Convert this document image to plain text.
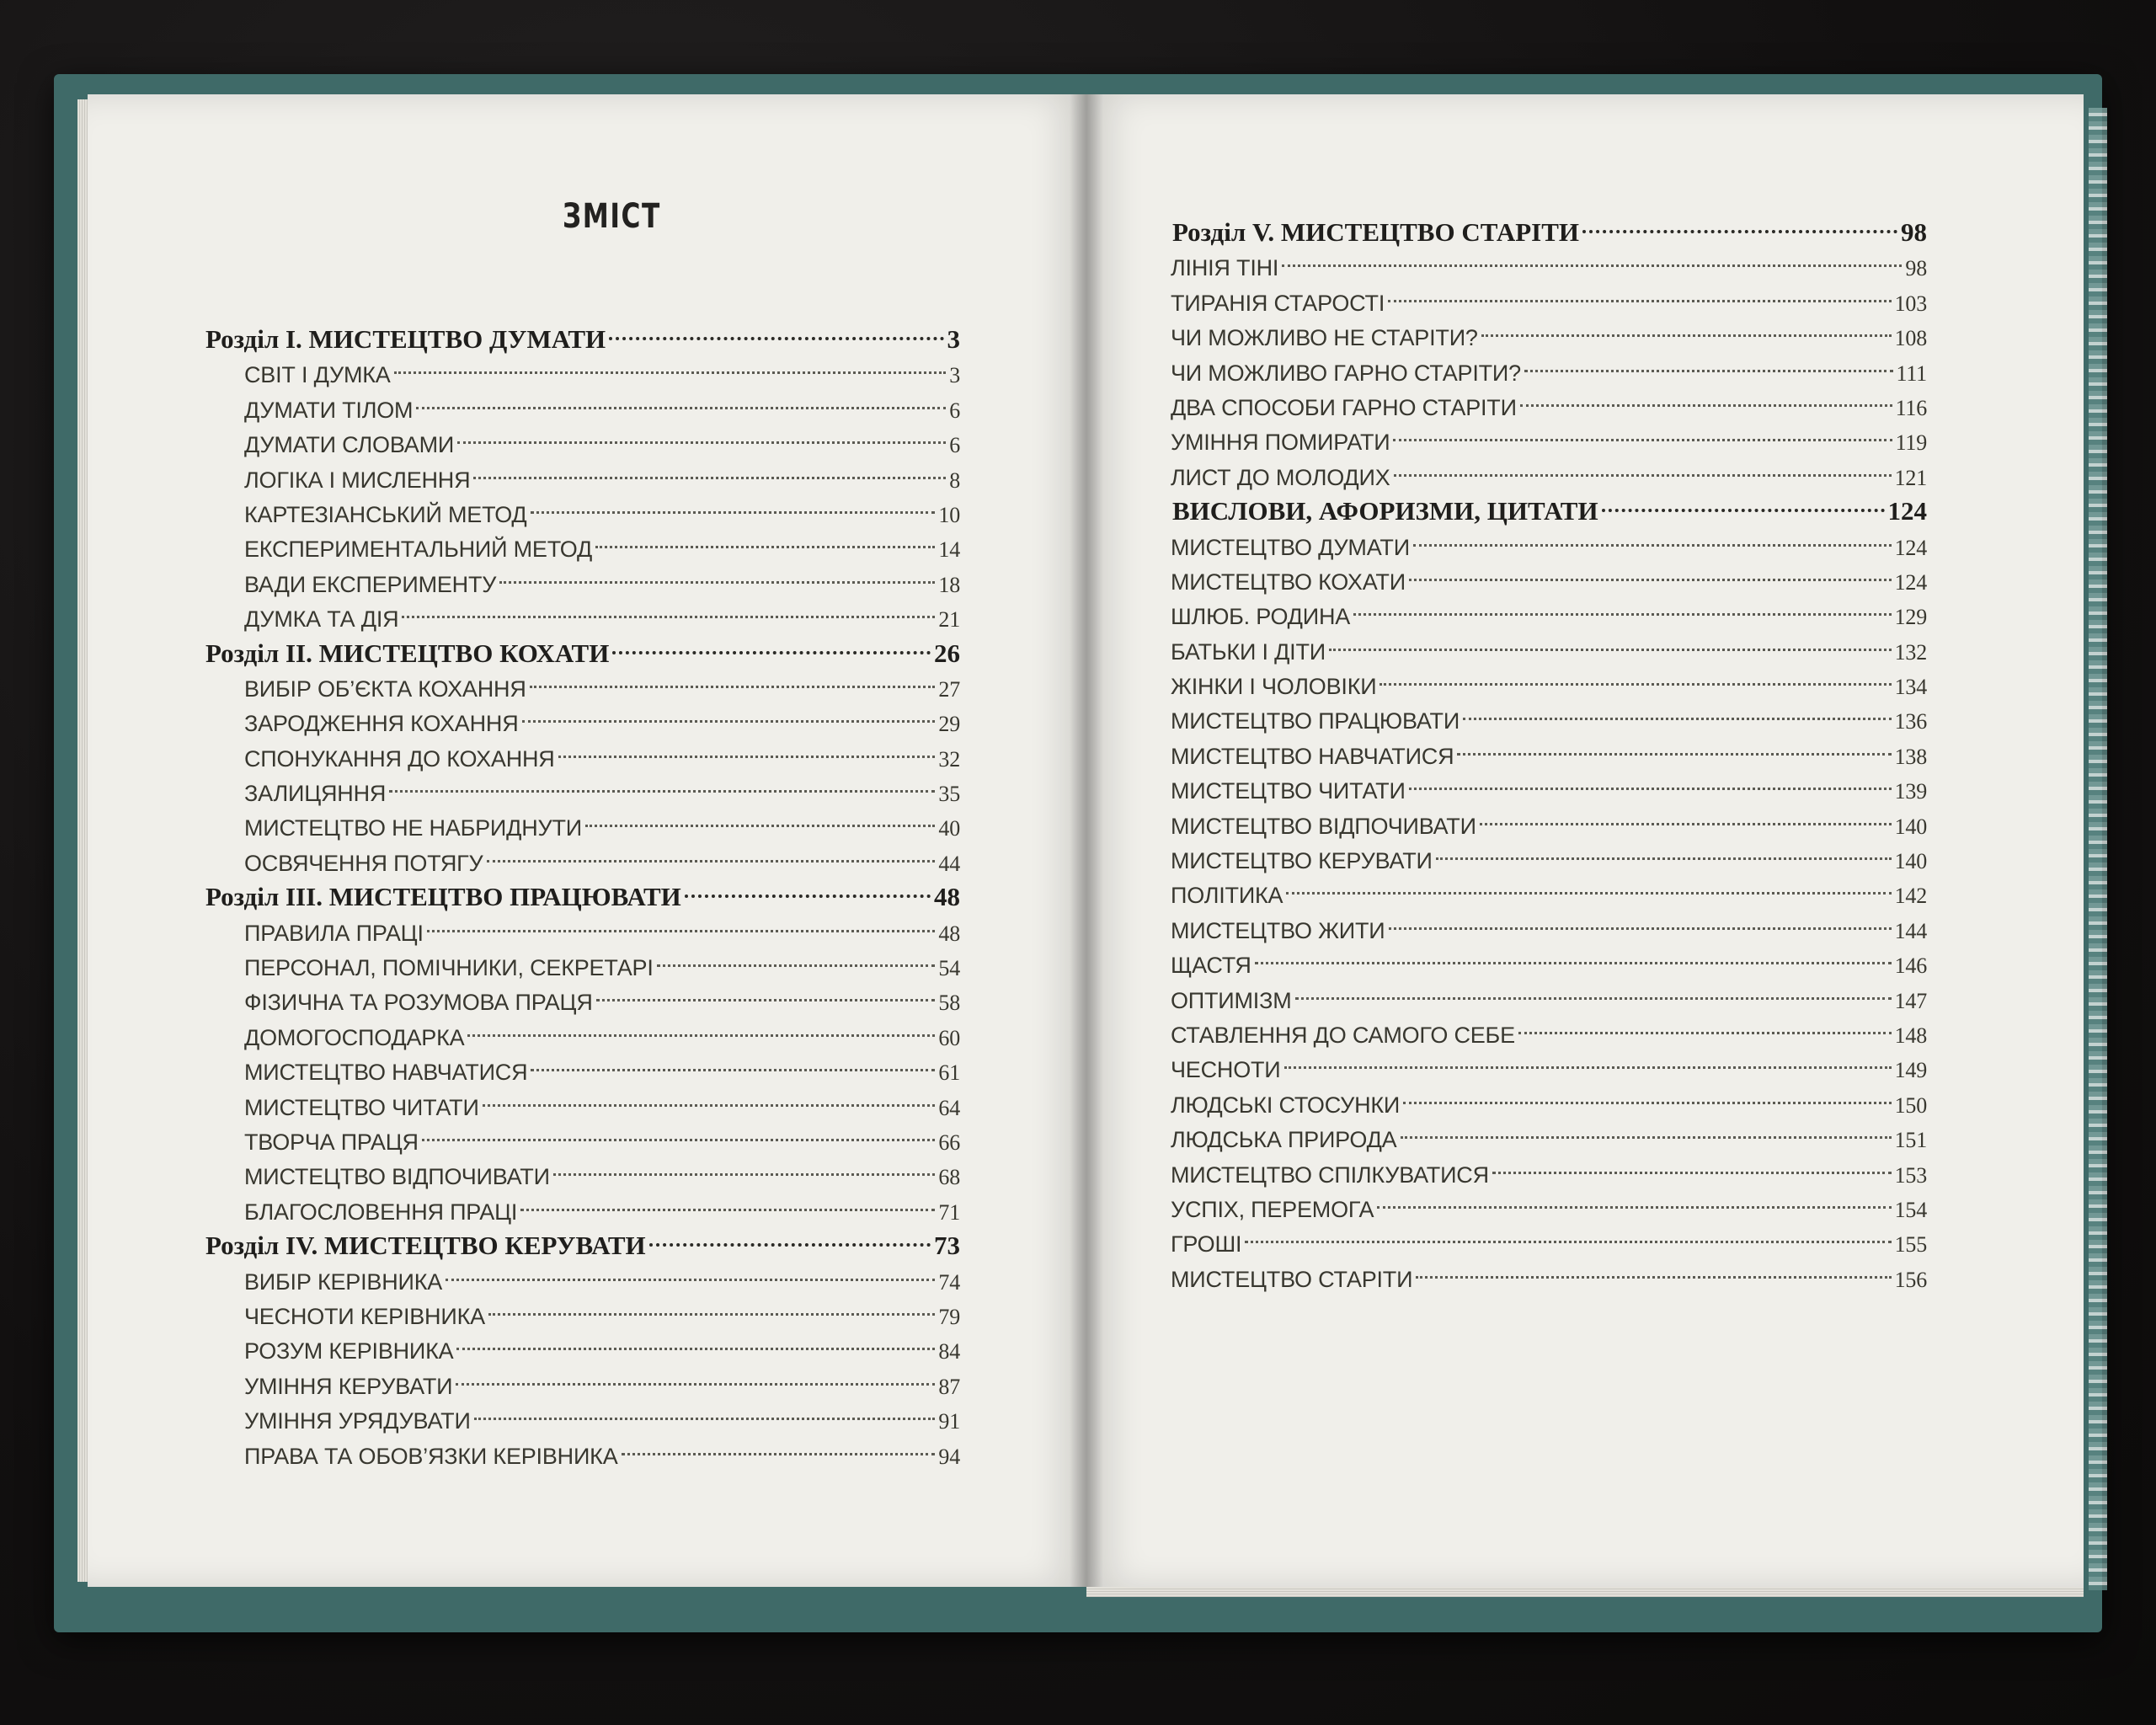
ЗМІСТ
Розділ І. МИСТЕЦТВО ДУМАТИ	3
СВІТ І ДУМКА	3
ДУМАТИ ТІЛОМ	6
ДУМАТИ СЛОВАМИ	6
ЛОГІКА І МИСЛЕННЯ	8
КАРТЕЗІАНСЬКИЙ МЕТОД	10
ЕКСПЕРИМЕНТАЛЬНИЙ МЕТОД	14
ВАДИ ЕКСПЕРИМЕНТУ	18
ДУМКА ТА ДІЯ	21
Розділ ІІ. МИСТЕЦТВО КОХАТИ	26
ВИБІР ОБ’ЄКТА КОХАННЯ	27
ЗАРОДЖЕННЯ КОХАННЯ	29
СПОНУКАННЯ ДО КОХАННЯ	32
ЗАЛИЦЯННЯ	35
МИСТЕЦТВО НЕ НАБРИДНУТИ	40
ОСВЯЧЕННЯ ПОТЯГУ	44
Розділ ІІІ. МИСТЕЦТВО ПРАЦЮВАТИ	48
ПРАВИЛА ПРАЦІ	48
ПЕРСОНАЛ, ПОМІЧНИКИ, СЕКРЕТАРІ	54
ФІЗИЧНА ТА РОЗУМОВА ПРАЦЯ	58
ДОМОГОСПОДАРКА	60
МИСТЕЦТВО НАВЧАТИСЯ	61
МИСТЕЦТВО ЧИТАТИ	64
ТВОРЧА ПРАЦЯ	66
МИСТЕЦТВО ВІДПОЧИВАТИ	68
БЛАГОСЛОВЕННЯ ПРАЦІ	71
Розділ IV. МИСТЕЦТВО КЕРУВАТИ	73
ВИБІР КЕРІВНИКА	74
ЧЕСНОТИ КЕРІВНИКА	79
РОЗУМ КЕРІВНИКА	84
УМІННЯ КЕРУВАТИ	87
УМІННЯ УРЯДУВАТИ	91
ПРАВА ТА ОБОВ’ЯЗКИ КЕРІВНИКА	94
Розділ V. МИСТЕЦТВО СТАРІТИ	98
ЛІНІЯ ТІНІ	98
ТИРАНІЯ СТАРОСТІ	103
ЧИ МОЖЛИВО НЕ СТАРІТИ?	108
ЧИ МОЖЛИВО ГАРНО СТАРІТИ?	111
ДВА СПОСОБИ ГАРНО СТАРІТИ	116
УМІННЯ ПОМИРАТИ	119
ЛИСТ ДО МОЛОДИХ	121
ВИСЛОВИ, АФОРИЗМИ, ЦИТАТИ	124
МИСТЕЦТВО ДУМАТИ	124
МИСТЕЦТВО КОХАТИ	124
ШЛЮБ. РОДИНА	129
БАТЬКИ І ДІТИ	132
ЖІНКИ І ЧОЛОВІКИ	134
МИСТЕЦТВО ПРАЦЮВАТИ	136
МИСТЕЦТВО НАВЧАТИСЯ	138
МИСТЕЦТВО ЧИТАТИ	139
МИСТЕЦТВО ВІДПОЧИВАТИ	140
МИСТЕЦТВО КЕРУВАТИ	140
ПОЛІТИКА	142
МИСТЕЦТВО ЖИТИ	144
ЩАСТЯ	146
ОПТИМІЗМ	147
СТАВЛЕННЯ ДО САМОГО СЕБЕ	148
ЧЕСНОТИ	149
ЛЮДСЬКІ СТОСУНКИ	150
ЛЮДСЬКА ПРИРОДА	151
МИСТЕЦТВО СПІЛКУВАТИСЯ	153
УСПІХ, ПЕРЕМОГА	154
ГРОШІ	155
МИСТЕЦТВО СТАРІТИ	156
